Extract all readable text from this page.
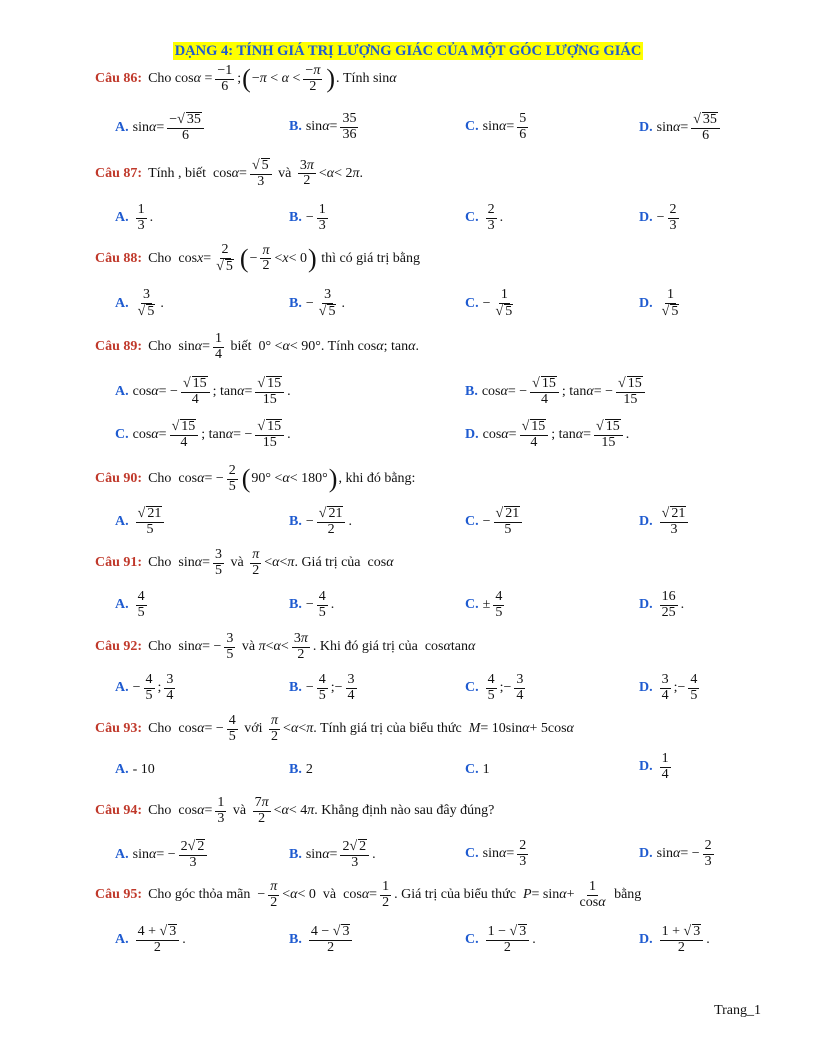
DẠNG 4: TÍNH GIÁ TRỊ LƯỢNG GIÁC CỦA MỘT GÓC LƯỢNG GIÁC
Câu 86: Cho
$\cos\alpha = \frac{-1}{6}$ ; ( $-\pi < \alpha < \frac{-\pi}{2}$ ) . Tính sin α
A. $\sin \alpha = \frac{-√ 35}{6}$	B. $\sin \alpha = \frac{35}{36}$	C. $\sin \alpha = \frac{5}{6}$	D. $\sin \alpha = \frac{√ 35}{6}$
Câu 87: Tính , biết $\cos \alpha = \frac{√ 5}{3}$
và
$\frac{3\pi}{2} < \alpha < 2$ π .
A. $\frac{1}{3}$ .	B. − $\frac{1}{3}$	C. $\frac{2}{3}$ .	D. − $\frac{2}{3}$
Câu 88: Cho $\cos x = \frac{2}{√ 5}$ ( − $\frac{\pi}{2} < x < 0$ )
thì có giá trị bằng
A. $\frac{3}{√ 5}$ .	B. − $\frac{3}{√ 5}$ .	C. − $\frac{1}{√ 5}$	D. $\frac{1}{√ 5}$
Câu 89: Cho $\sin \alpha = \frac{1}{4}$
biết 0° < α < 90° . Tính cos α ; tan α .
A. cos α = − $\frac{√ 15}{4}$ ; $\tan \alpha = \frac{√ 15}{15}$ .	B. cos α = − $\frac{√ 15}{4}$ ; tan α = − $\frac{√ 15}{15}$
C. $\cos \alpha = \frac{√ 15}{4}$ ; tan α = − $\frac{√ 15}{15}$ .	D. $\cos \alpha = \frac{√ 15}{4}$ ; $\tan \alpha = \frac{√ 15}{15}$ .
Câu 90: Cho cos α = − $\frac{2}{5}$ ( 90° < α < 180° ) , khi đó bằng:
A. $\frac{√ 21}{5}$	B. − $\frac{√ 21}{2}$ .	C. − $\frac{√ 21}{5}$	D. $\frac{√ 21}{3}$
Câu 91: Cho $\sin \alpha = \frac{3}{5}$
và
$\frac{\pi}{2} < \alpha < \pi$ . Giá trị của cos α
A. $\frac{4}{5}$	B. − $\frac{4}{5}$ .	C. ± $\frac{4}{5}$	D. $\frac{16}{25}$ .
Câu 92: Cho sin α = − $\frac{3}{5}$
và
$\pi < \alpha < \frac{3\pi}{2}$ . Khi đó giá trị của cos α tan α
A. − $\frac{4}{5}$ ; $\frac{3}{4}$	B. − $\frac{4}{5}$ ;− $\frac{3}{4}$	C. $\frac{4}{5}$ ;− $\frac{3}{4}$	D. $\frac{3}{4}$ ;− $\frac{4}{5}$
Câu 93: Cho cos α = − $\frac{4}{5}$
với
$\frac{\pi}{2} < \alpha < \pi$ . Tính giá trị của biểu thức
M = 10sin α + 5cos α
A. - 10	B. 2	C. 1	D. $\frac{1}{4}$
Câu 94: Cho $\cos \alpha = \frac{1}{3}$
và
$\frac{7\pi}{2} < \alpha < 4$ π . Khẳng định nào sau đây đúng?
A. sin α = − $\frac{2√ 2}{3}$	B. $\sin \alpha = \frac{2√ 2}{3}$ .	C. $\sin \alpha = \frac{2}{3}$	D. sin α = − $\frac{2}{3}$
Câu 95: Cho góc thỏa mãn − $\frac{\pi}{2} < \alpha < 0$ và $\cos \alpha = \frac{1}{2}$ . Giá trị của biểu thức
$P = \sin \alpha + \frac{1}{\cos\alpha}$
bằng
A. $\frac{4 + √ 3}{2}$ .	B. $\frac{4 - √ 3}{2}$	C. $\frac{1 - √ 3}{2}$ .	D. $\frac{1 + √ 3}{2}$ .
Trang_1
